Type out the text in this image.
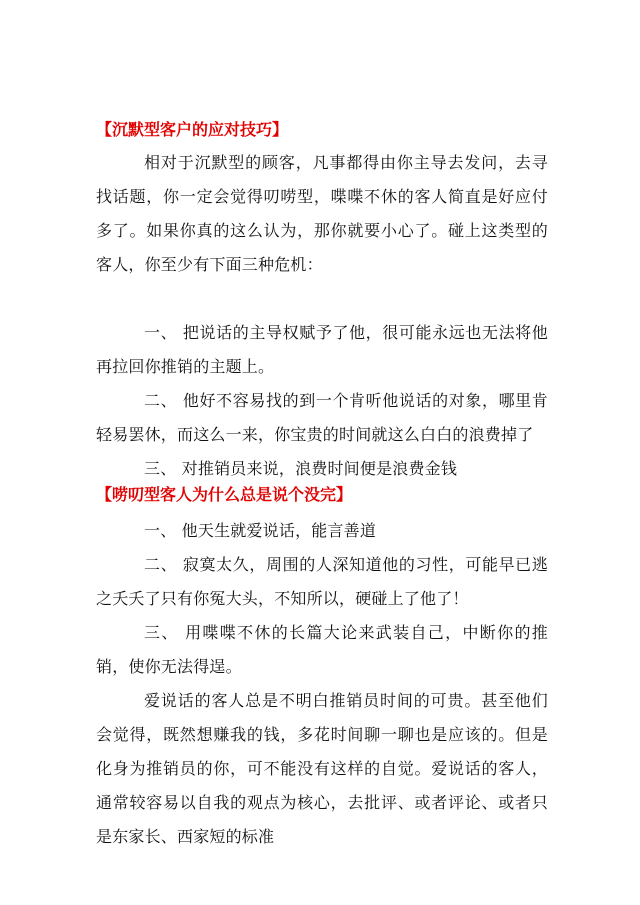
【沉默型客户的应对技巧】

相对于沉默型的顾客，凡事都得由你主导去发问，去寻找话题，你一定会觉得叨唠型，喋喋不休的客人简直是好应付多了。如果你真的这么认为，那你就要小心了。碰上这类型的客人，你至少有下面三种危机：

一、 把说话的主导权赋予了他，很可能永远也无法将他再拉回你推销的主题上。

二、 他好不容易找的到一个肯听他说话的对象，哪里肯轻易罢休，而这么一来，你宝贵的时间就这么白白的浪费掉了

三、 对推销员来说，浪费时间便是浪费金钱

【唠叨型客人为什么总是说个没完】

一、 他天生就爱说话，能言善道

二、 寂寞太久，周围的人深知道他的习性，可能早已逃之夭夭了只有你冤大头，不知所以，硬碰上了他了！

三、 用喋喋不休的长篇大论来武装自己，中断你的推销，使你无法得逞。

爱说话的客人总是不明白推销员时间的可贵。甚至他们会觉得，既然想赚我的钱，多花时间聊一聊也是应该的。但是化身为推销员的你，可不能没有这样的自觉。爱说话的客人，通常较容易以自我的观点为核心，去批评、或者评论、或者只是东家长、西家短的标准
